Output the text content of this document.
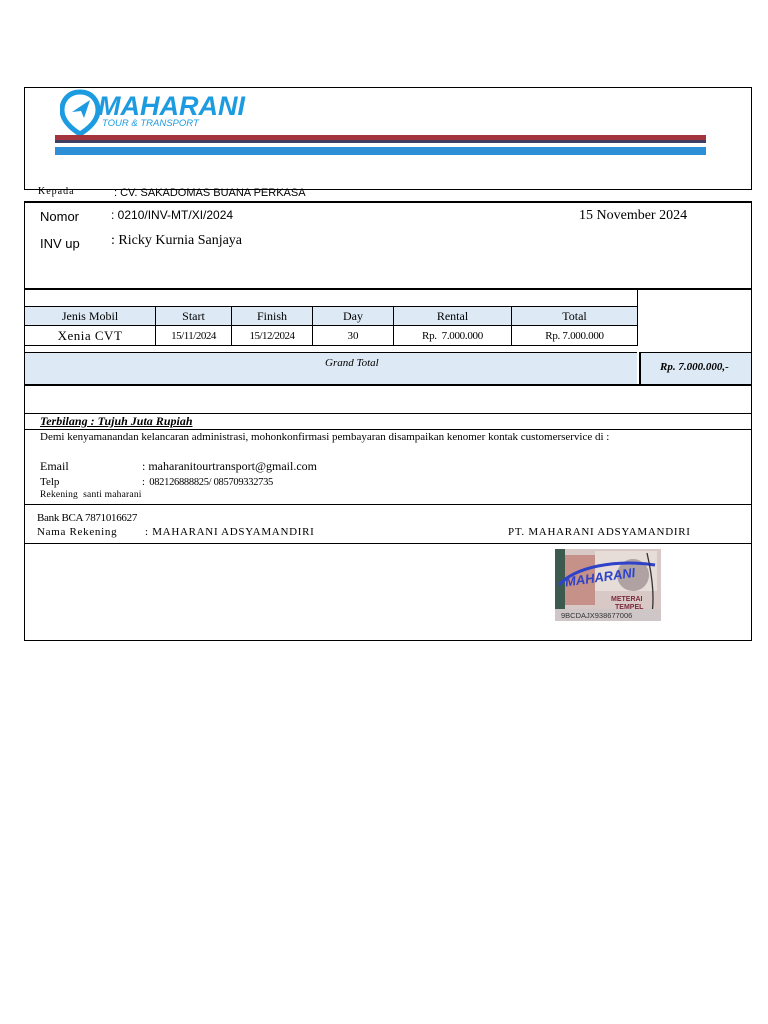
MAHARANI
TOUR & TRANSPORT
Kepada	: CV. SAKADOMAS BUANA PERKASA
Nomor	: 0210/INV-MT/XI/2024	15 November 2024
INV up : Ricky Kurnia Sanjaya
Jenis Mobil	Start	Finish	Day	Rental	Total
Xenia CVT	15/11/2024	15/12/2024	30	Rp.  7.000.000	Rp. 7.000.000
Grand Total	Rp. 7.000.000,-
Terbilang : Tujuh Juta Rupiah
Demi kenyamanandan kelancaran administrasi, mohonkonfirmasi pembayaran disampaikan kenomer kontak customerservice di :
Email	: maharanitourtransport@gmail.com
Telp	:  082126888825/ 085709332735
Rekening  santi maharani
Bank BCA 7871016627
Nama Rekening	: MAHARANI ADSYAMANDIRI	PT. MAHARANI ADSYAMANDIRI
MAHARANI
METERAI
TEMPEL
9BCDAJX938677006
